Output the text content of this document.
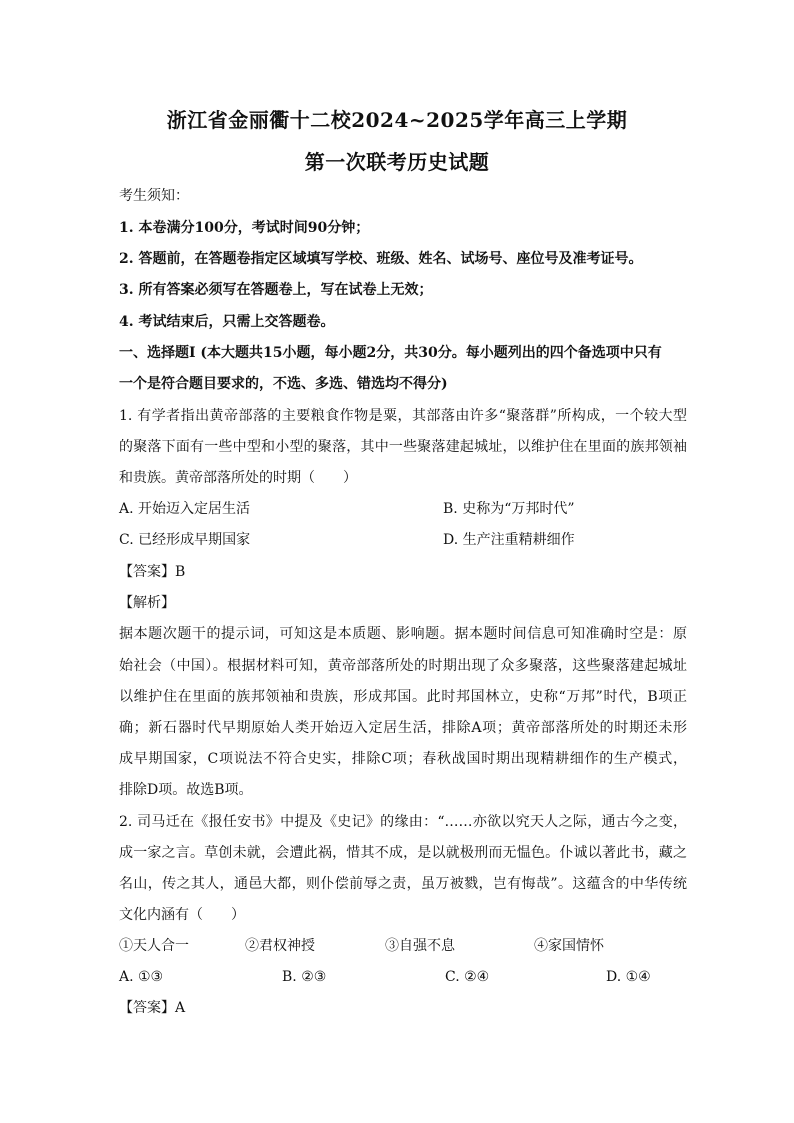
浙江省金丽衢十二校2024~2025学年高三上学期
第一次联考历史试题
考生须知：
1. 本卷满分100分，考试时间90分钟；
2. 答题前，在答题卷指定区域填写学校、班级、姓名、试场号、座位号及准考证号。
3. 所有答案必须写在答题卷上，写在试卷上无效；
4. 考试结束后，只需上交答题卷。
一、选择题Ⅰ (本大题共15小题，每小题2分，共30分。每小题列出的四个备选项中只有
一个是符合题目要求的，不选、多选、错选均不得分)
1. 有学者指出黄帝部落的主要粮食作物是粟，其部落由许多“聚落群”所构成，一个较大型
的聚落下面有一些中型和小型的聚落，其中一些聚落建起城址，以维护住在里面的族邦领袖
和贵族。黄帝部落所处的时期（　　）
A. 开始迈入定居生活	B. 史称为“万邦时代”
C. 已经形成早期国家	D. 生产注重精耕细作
【答案】B
【解析】
据本题次题干的提示词，可知这是本质题、影响题。据本题时间信息可知准确时空是：原
始社会（中国）。根据材料可知，黄帝部落所处的时期出现了众多聚落，这些聚落建起城址
以维护住在里面的族邦领袖和贵族，形成邦国。此时邦国林立，史称“万邦”时代，B项正
确；新石器时代早期原始人类开始迈入定居生活，排除A项；黄帝部落所处的时期还未形
成早期国家，C项说法不符合史实，排除C项；春秋战国时期出现精耕细作的生产模式，
排除D项。故选B项。
2. 司马迁在《报任安书》中提及《史记》的缘由：“……亦欲以究天人之际，通古今之变，
成一家之言。草创未就，会遭此祸，惜其不成，是以就极刑而无愠色。仆诚以著此书，藏之
名山，传之其人，通邑大都，则仆偿前辱之责，虽万被戮，岂有悔哉”。这蕴含的中华传统
文化内涵有（　　）
①天人合一	②君权神授	③自强不息	④家国情怀
A. ①③	B. ②③	C. ②④	D. ①④
【答案】A
